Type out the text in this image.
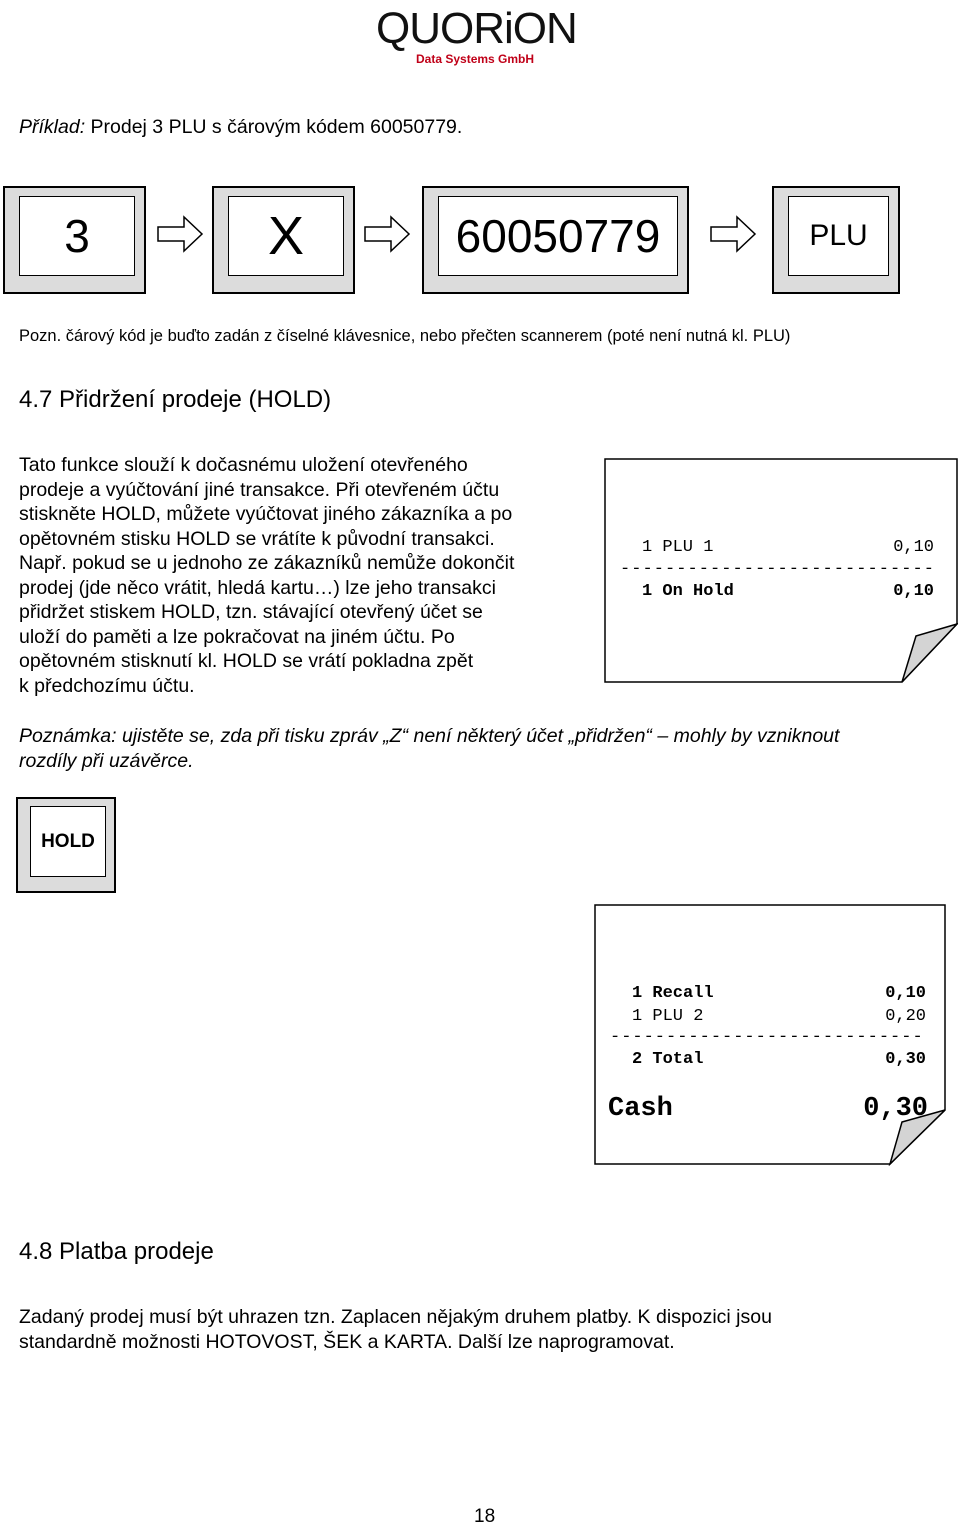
QUORiON
Data Systems GmbH
Příklad: Prodej 3 PLU s čárovým kódem 60050779.
3	X	60050779	PLU
Pozn. čárový kód je buďto zadán z číselné klávesnice, nebo přečten scannerem (poté není nutná kl. PLU)
4.7 Přidržení prodeje (HOLD)
Tato funkce slouží k dočasnému uložení otevřeného
prodeje a vyúčtování jiné transakce. Při otevřeném účtu
stiskněte HOLD, můžete vyúčtovat jiného zákazníka a po
opětovném stisku HOLD se vrátíte k původní transakci.
Např. pokud se u jednoho ze zákazníků nemůže dokončit
prodej (jde něco vrátit, hledá kartu…) lze jeho transakci
přidržet stiskem HOLD, tzn. stávající otevřený účet se
uloží do paměti a lze pokračovat na jiném účtu. Po
opětovném stisknutí kl. HOLD se vrátí pokladna zpět
k předchozímu účtu.
1 PLU 1	0,10
----------------------------
1 On Hold	0,10
Poznámka: ujistěte se, zda při tisku zpráv „Z“ není některý účet „přidržen“ – mohly by vzniknout
rozdíly při uzávěrce.
HOLD
1 Recall	0,10
1 PLU 2	0,20
----------------------------
2 Total	0,30
Cash	0,30
4.8 Platba prodeje
Zadaný prodej musí být uhrazen tzn. Zaplacen nějakým druhem platby. K dispozici jsou
standardně možnosti HOTOVOST, ŠEK a KARTA. Další lze naprogramovat.
18
